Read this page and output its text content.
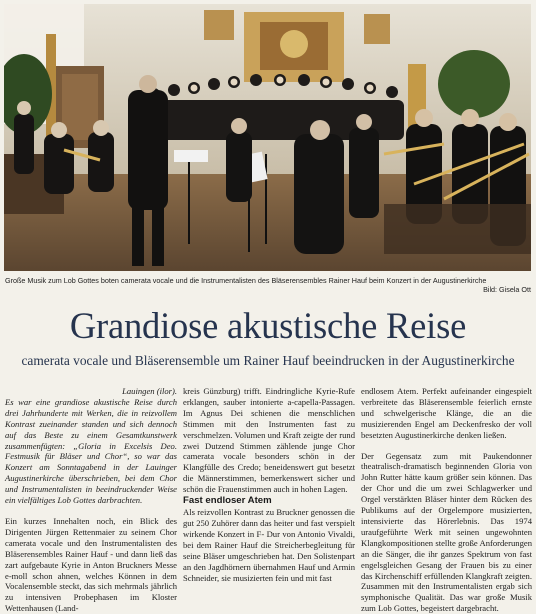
Große Musik zum Lob Gottes boten camerata vocale und die Instrumentalisten des Bläserensembles Rainer Hauf beim Konzert in der Augustinerkirche
Bild: Gisela Ott
Grandiose akustische Reise
camerata vocale und Bläserensemble um Rainer Hauf beeindrucken in der Augustinerkirche

Lauingen (ilor).

Es war eine grandiose akustische Reise durch drei Jahrhunderte mit Werken, die in reizvollem Kontrast zueinander standen und sich dennoch auf das Beste zu einem Gesamtkunstwerk zusammenfügten: „Gloria in Excelsis Deo. Festmusik für Bläser und Chor“, so war das Konzert am Sonntagabend in der Lauinger Augustinerkirche überschrieben, bei dem Chor und Instrumentalisten in beeindruckender Weise ein vielfältiges Lob Gottes darbrachten.

Ein kurzes Innehalten noch, ein Blick des Dirigenten Jürgen Rettenmaier zu seinem Chor camerata vocale und den Instrumentalisten des Bläserensembles Rainer Hauf - und dann ließ das zart aufgebaute Kyrie in Anton Bruckners Messe e-moll schon ahnen, welches Können in dem Vocalensemble steckt, das sich mehrmals jährlich zu intensiven Probephasen im Kloster Wettenhausen (Land-

kreis Günzburg) trifft. Eindringliche Kyrie-Rufe erklangen, sauber intonierte a-capella-Passagen. Im Agnus Dei schienen die menschlichen Stimmen mit den Instrumenten fast zu verschmelzen. Volumen und Kraft zeigte der rund zwei Dutzend Stimmen zählende junge Chor camerata vocale besonders schön in der Klangfülle des Credo; beneidenswert gut besetzt die Männerstimmen, bemerkenswert sicher und schön die Frauenstimmen auch in hohen Lagen.

Fast endloser Atem

Als reizvollen Kontrast zu Bruckner genossen die gut 250 Zuhörer dann das heiter und fast verspielt wirkende Konzert in F- Dur von Antonio Vivaldi, bei dem Rainer Hauf die Streicherbegleitung für seine Bläser umgeschrieben hat. Den Solistenpart an den Jagdhörnern übernahmen Hauf und Armin Schneider, sie musizierten fein und mit fast

endlosem Atem. Perfekt aufeinander eingespielt verbreitete das Bläserensemble feierlich ernste und schwelgerische Klänge, die an die musizierenden Engel am Deckenfresko der voll besetzten Augustinerkirche denken ließen.

Der Gegensatz zum mit Paukendonner theatralisch-dramatisch beginnenden Gloria von John Rutter hätte kaum größer sein können. Das der Chor und die um zwei Schlagwerker und Orgel verstärkten Bläser hinter dem Rücken des Publikums auf der Orgelempore musizierten, intensivierte das Hörerlebnis. Das 1974 uraufgeführte Werk mit seinen ungewohnten Klangkompositionen stellte große Anforderungen an die Sänger, die ihr ganzes Spektrum von fast engelsgleichen Gesang der Frauen bis zu einer das Kirchenschiff erfüllenden Klangkraft zeigten. Zusammen mit den Instrumentalisten ergab sich symphonische Qualität. Das war große Musik zum Lob Gottes, begeistert dargebracht.
